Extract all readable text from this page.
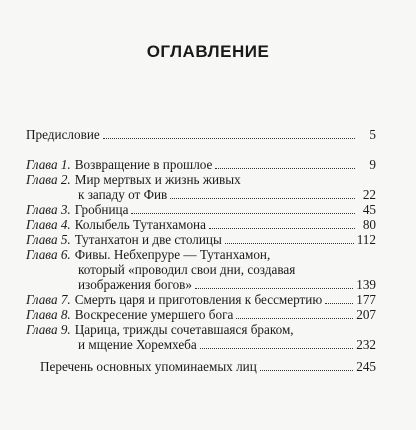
ОГЛАВЛЕНИЕ
Предисловие	5
Глава 1. Возвращение в прошлое	9
Глава 2. Мир мертвых и жизнь живых
к западу от Фив	22
Глава 3. Гробница	45
Глава 4. Колыбель Тутанхамона	80
Глава 5. Тутанхатон и две столицы	112
Глава 6. Фивы. Небхепруре — Тутанхамон,
который «проводил свои дни, создавая
изображения богов»	139
Глава 7. Смерть царя и приготовления к бессмертию	177
Глава 8. Воскресение умершего бога	207
Глава 9. Царица, трижды сочетавшаяся браком,
и мщение Хоремхеба	232
Перечень основных упоминаемых лиц	245
